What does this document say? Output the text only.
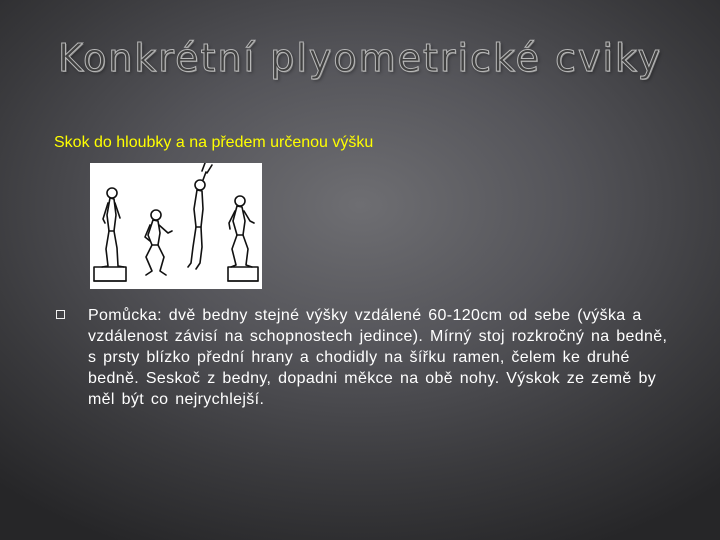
Konkrétní plyometrické cviky

Skok do hloubky a na předem určenou výšku

Pomůcka: dvě bedny stejné výšky vzdálené 60-120cm od sebe (výška a vzdálenost závisí na schopnostech jedince). Mírný stoj rozkročný na bedně, s prsty blízko přední hrany a chodidly na šířku ramen, čelem ke druhé bedně. Seskoč z bedny, dopadni měkce na obě nohy. Výskok ze země by měl být co nejrychlejší.
